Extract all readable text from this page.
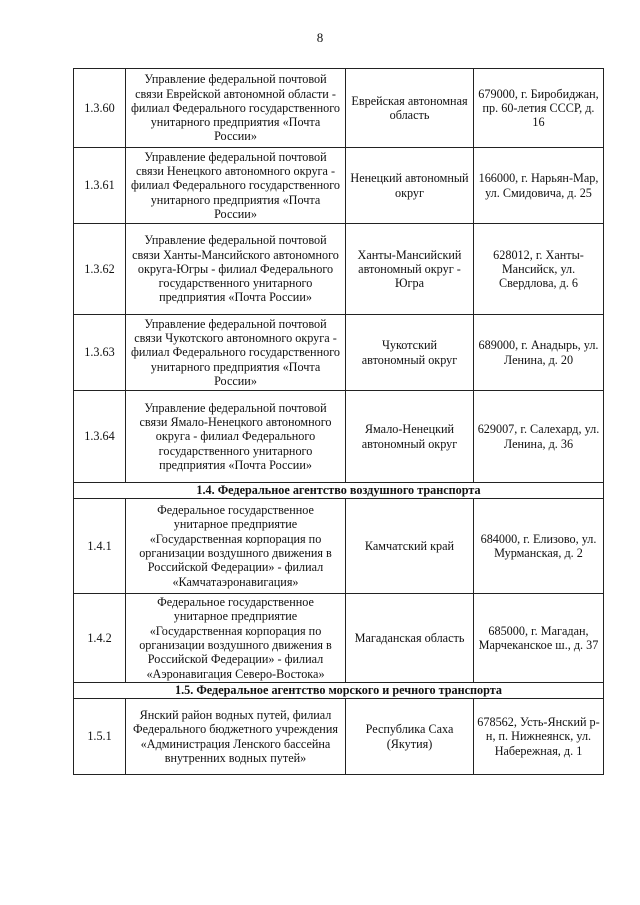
8
1.3.60	Управление федеральной почтовой связи Еврейской автономной области - филиал Федерального государственного унитарного предприятия «Почта России»	Еврейская автономная область	679000, г. Биробиджан, пр. 60-летия СССР, д. 16
1.3.61	Управление федеральной почтовой связи Ненецкого автономного округа - филиал Федерального государственного унитарного предприятия «Почта России»	Ненецкий автономный округ	166000, г. Нарьян-Мар, ул. Смидовича, д. 25
1.3.62	Управление федеральной почтовой связи Ханты-Мансийского автономного округа-Югры - филиал Федерального государственного унитарного предприятия «Почта России»	Ханты-Мансийский автономный округ - Югра	628012, г. Ханты-Мансийск, ул. Свердлова, д. 6
1.3.63	Управление федеральной почтовой связи Чукотского автономного округа - филиал Федерального государственного унитарного предприятия «Почта России»	Чукотский автономный округ	689000, г. Анадырь, ул. Ленина, д. 20
1.3.64	Управление федеральной почтовой связи Ямало-Ненецкого автономного округа - филиал Федерального государственного унитарного предприятия «Почта России»	Ямало-Ненецкий автономный округ	629007, г. Салехард, ул. Ленина, д. 36
1.4. Федеральное агентство воздушного транспорта			
1.4.1	Федеральное государственное унитарное предприятие «Государственная корпорация по организации воздушного движения в Российской Федерации» - филиал «Камчатаэронавигация»	Камчатский край	684000, г. Елизово, ул. Мурманская, д. 2
1.4.2	Федеральное государственное унитарное предприятие «Государственная корпорация по организации воздушного движения в Российской Федерации» - филиал «Аэронавигация Северо-Востока»	Магаданская область	685000, г. Магадан, Марчеканское ш., д. 37
1.5. Федеральное агентство морского и речного транспорта			
1.5.1	Янский район водных путей, филиал Федерального бюджетного учреждения «Администрация Ленского бассейна внутренних водных путей»	Республика Саха (Якутия)	678562, Усть-Янский р-н, п. Нижнеянск, ул. Набережная, д. 1
